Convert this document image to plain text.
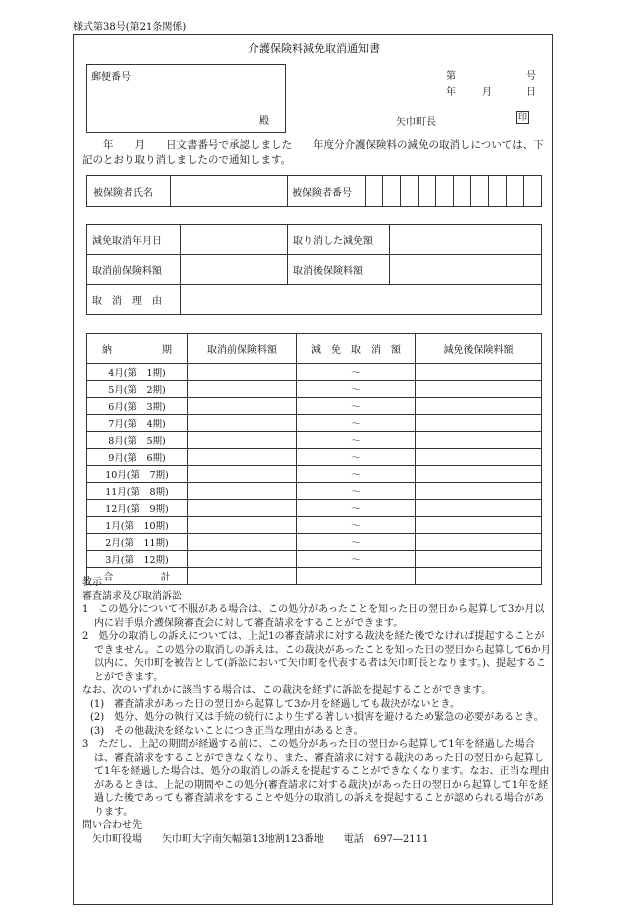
様式第38号(第21条関係)
介護保険料減免取消通知書
郵便番号
殿
第	号
年	月	日
矢巾町長	印
　　年　　月　　日文書番号で承認しました　　年度分介護保険料の減免の取消しについては、下記のとおり取り消しましたので通知します。
被保険者氏名		被保険者番号										
減免取消年月日		取り消した減免額	
取消前保険料額		取消後保険料額	
取　消　理　由			
納　　　　　期	取消前保険料額	減　免　取　消　額	減免後保険料額
4月(第　1期)		〜	
5月(第　2期)		〜	
6月(第　3期)		〜	
7月(第　4期)		〜	
8月(第　5期)		〜	
9月(第　6期)		〜	
10月(第　7期)		〜	
11月(第　8期)		〜	
12月(第　9期)		〜	
1月(第　10期)		〜	
2月(第　11期)		〜	
3月(第　12期)		〜	
合　　　　　計			
教示
審査請求及び取消訴訟
1　この処分について不服がある場合は、この処分があったことを知った日の翌日から起算して3か月以内に岩手県介護保険審査会に対して審査請求をすることができます。
2　処分の取消しの訴えについては、上記1の審査請求に対する裁決を経た後でなければ提起することができません。この処分の取消しの訴えは、この裁決があったことを知った日の翌日から起算して6か月以内に、矢巾町を被告として(訴訟において矢巾町を代表する者は矢巾町長となります。)、提起することができます。
なお、次のいずれかに該当する場合は、この裁決を経ずに訴訟を提起することができます。
(1)　審査請求があった日の翌日から起算して3か月を経過しても裁決がないとき。
(2)　処分、処分の執行又は手続の続行により生ずる著しい損害を避けるため緊急の必要があるとき。
(3)　その他裁決を経ないことにつき正当な理由があるとき。
3　ただし、上記の期間が経過する前に、この処分があった日の翌日から起算して1年を経過した場合は、審査請求をすることができなくなり、また、審査請求に対する裁決のあった日の翌日から起算して1年を経過した場合は、処分の取消しの訴えを提起することができなくなります。なお、正当な理由があるときは、上記の期間やこの処分(審査請求に対する裁決)があった日の翌日から起算して1年を経過した後であっても審査請求をすることや処分の取消しの訴えを提起することが認められる場合があります。
問い合わせ先
矢巾町役場　　矢巾町大字南矢幅第13地割123番地　　電話　697―2111
